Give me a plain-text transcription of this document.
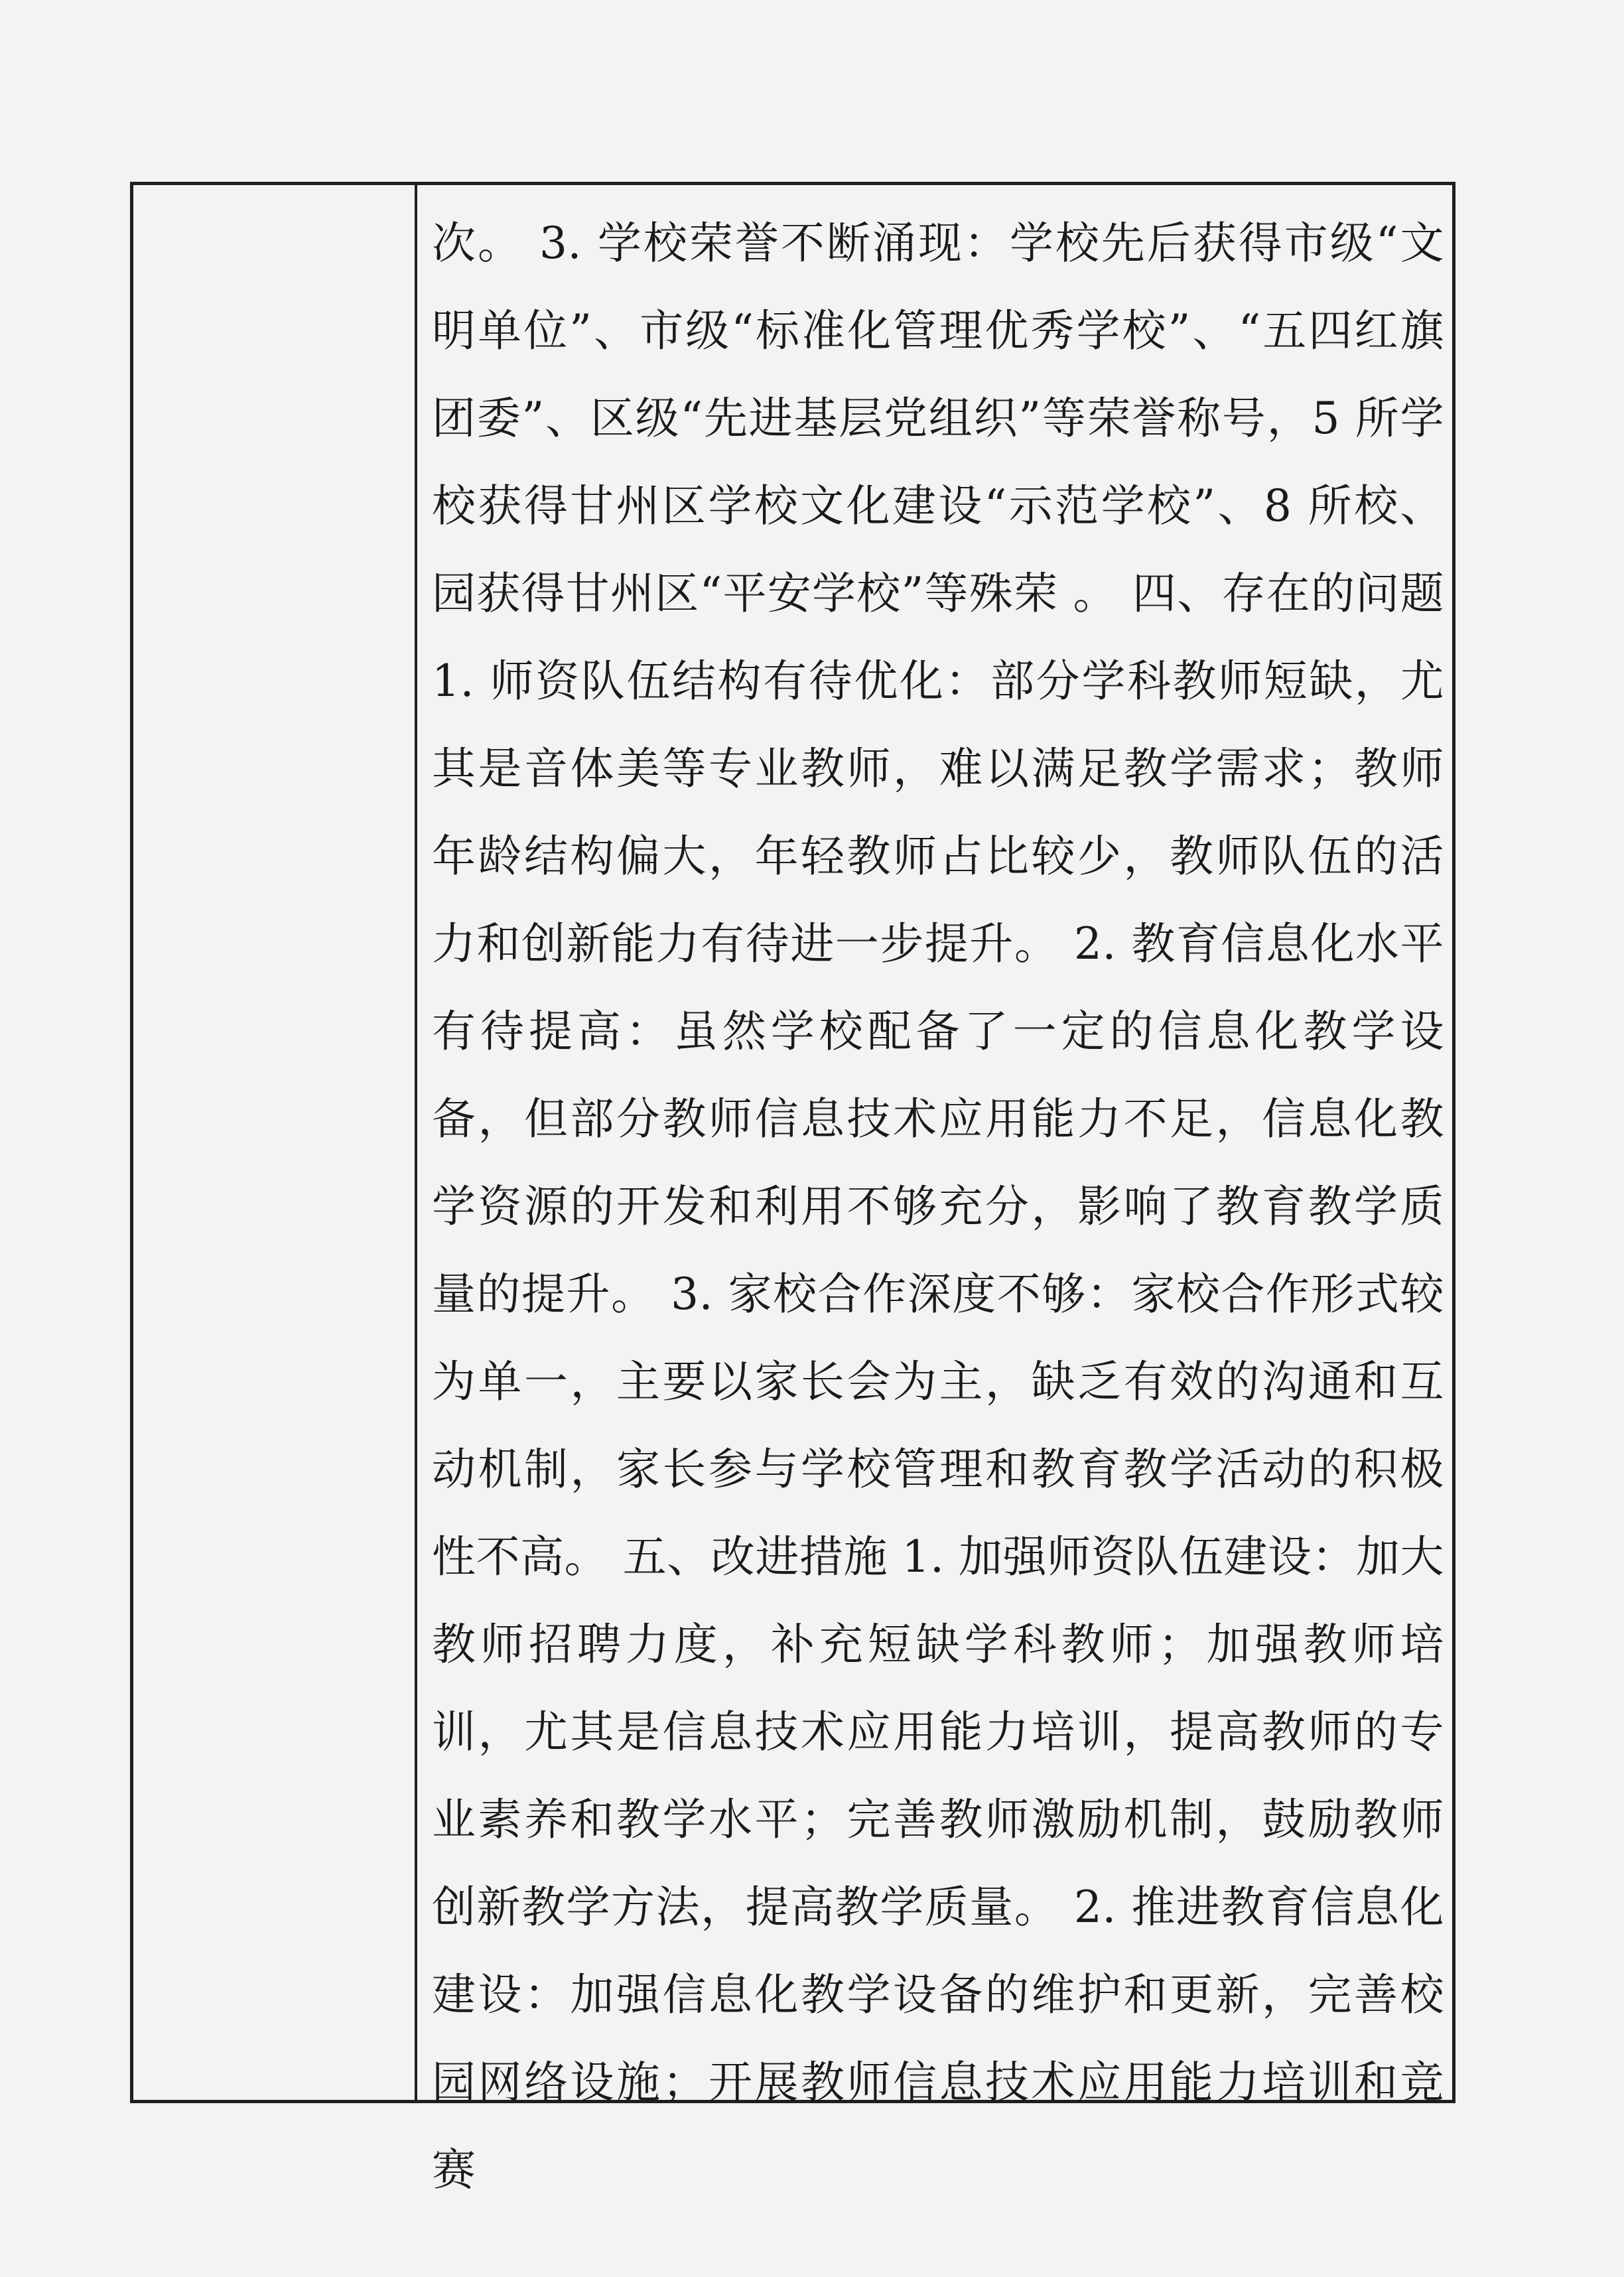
次。 3. 学校荣誉不断涌现：学校先后获得市级“文明单位”、市级“标准化管理优秀学校”、“五四红旗团委”、区级“先进基层党组织”等荣誉称号，5 所学校获得甘州区学校文化建设“示范学校”、8 所校、园获得甘州区“平安学校”等殊荣 。 四、存在的问题 1. 师资队伍结构有待优化：部分学科教师短缺，尤其是音体美等专业教师，难以满足教学需求；教师年龄结构偏大，年轻教师占比较少，教师队伍的活力和创新能力有待进一步提升。 2. 教育信息化水平有待提高：虽然学校配备了一定的信息化教学设备，但部分教师信息技术应用能力不足，信息化教学资源的开发和利用不够充分，影响了教育教学质量的提升。 3. 家校合作深度不够：家校合作形式较为单一，主要以家长会为主，缺乏有效的沟通和互动机制，家长参与学校管理和教育教学活动的积极性不高。 五、改进措施 1. 加强师资队伍建设：加大教师招聘力度，补充短缺学科教师；加强教师培训，尤其是信息技术应用能力培训，提高教师的专业素养和教学水平；完善教师激励机制，鼓励教师创新教学方法，提高教学质量。 2. 推进教育信息化建设：加强信息化教学设备的维护和更新，完善校园网络设施；开展教师信息技术应用能力培训和竞赛
